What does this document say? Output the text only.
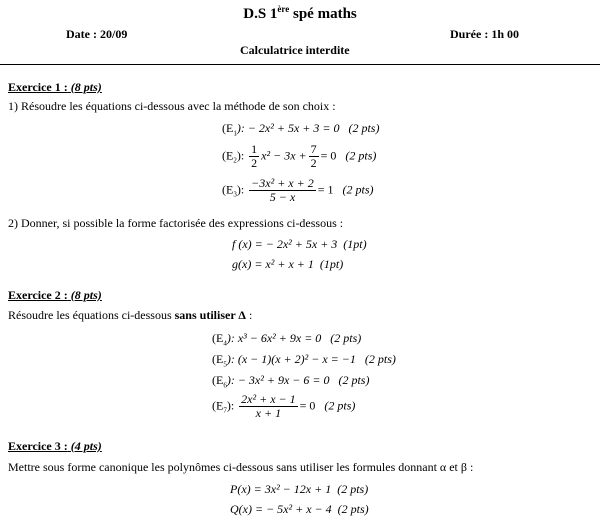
D.S 1ère spé maths
Date : 20/09	Durée : 1h 00
Calculatrice interdite
Exercice 1 : (8 pts)
1) Résoudre les équations ci-dessous avec la méthode de son choix :
$(E_1)$: − 2x² + 5x + 3 = 0 (2 pts)
$(E_2)$: $\frac{1}{2} x^2 - 3x + \frac{7}{2} = 0$ (2 pts)
$(E_3)$: $\frac{\text{−3x² + x + 2}}{5 - x} = 1$ (2 pts)
2) Donner, si possible la forme factorisée des expressions ci-dessous :
f (x) = − 2x² + 5x + 3 (1pt)
g(x) = x² + x + 1 (1pt)
Exercice 2 : (8 pts)
Résoudre les équations ci-dessous sans utiliser Δ :
$(E_4)$: x³ − 6x² + 9x = 0 (2 pts)
$(E_5)$: (x − 1)(x + 2)² − x = −1 (2 pts)
$(E_6)$: − 3x² + 9x − 6 = 0 (2 pts)
$(E_7)$: $\frac{\text{2x² + x − 1}}{x + 1} = 0$ (2 pts)
Exercice 3 : (4 pts)
Mettre sous forme canonique les polynômes ci-dessous sans utiliser les formules donnant α et β :
P(x) = 3x² − 12x + 1 (2 pts)
Q(x) = − 5x² + x − 4 (2 pts)
